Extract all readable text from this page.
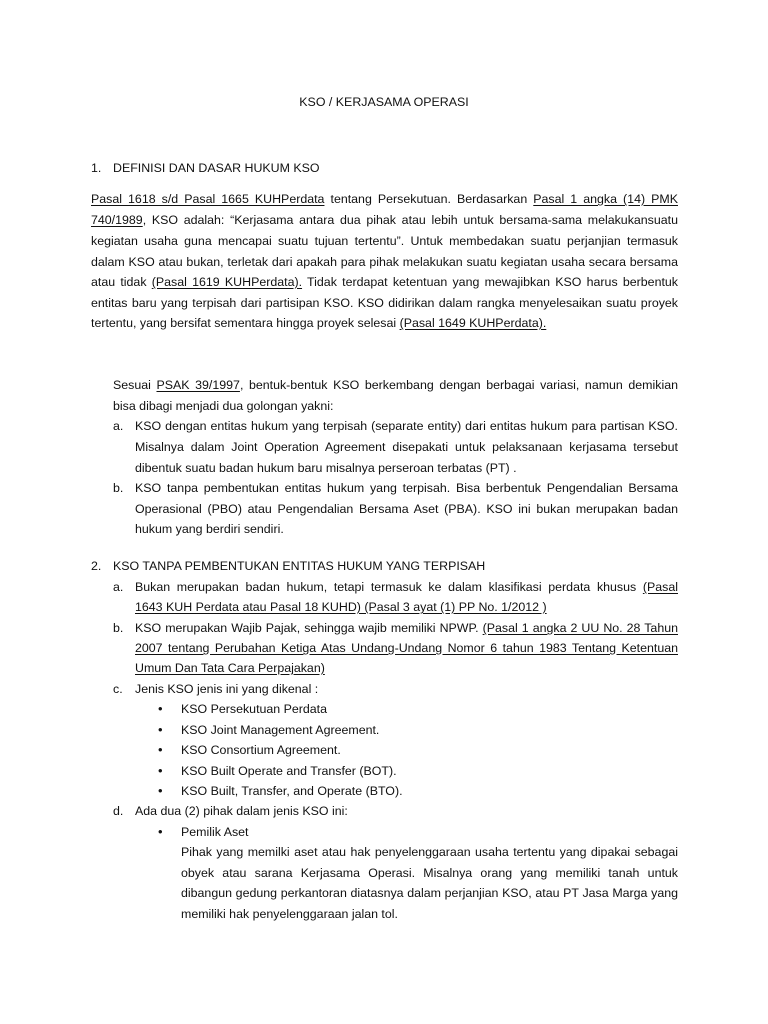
KSO / KERJASAMA OPERASI

1. DEFINISI DAN DASAR HUKUM KSO

Pasal 1618 s/d Pasal 1665 KUHPerdata tentang Persekutuan. Berdasarkan Pasal 1 angka (14) PMK

740/1989, KSO adalah: “Kerjasama antara dua pihak atau lebih untuk bersama-sama melakukansuatu

kegiatan usaha guna mencapai suatu tujuan tertentu”. Untuk membedakan suatu perjanjian termasuk

dalam KSO atau bukan, terletak dari apakah para pihak melakukan suatu kegiatan usaha secara bersama

atau tidak (Pasal 1619 KUHPerdata). Tidak terdapat ketentuan yang mewajibkan KSO harus berbentuk

entitas baru yang terpisah dari partisipan KSO. KSO didirikan dalam rangka menyelesaikan suatu proyek

tertentu, yang bersifat sementara hingga proyek selesai (Pasal 1649 KUHPerdata).

Sesuai PSAK 39/1997, bentuk-bentuk KSO berkembang dengan berbagai variasi, namun demikian

bisa dibagi menjadi dua golongan yakni:

a. KSO dengan entitas hukum yang terpisah (separate entity) dari entitas hukum para partisan KSO.

Misalnya dalam Joint Operation Agreement disepakati untuk pelaksanaan kerjasama tersebut

dibentuk suatu badan hukum baru misalnya perseroan terbatas (PT) .

b. KSO tanpa pembentukan entitas hukum yang terpisah. Bisa berbentuk Pengendalian Bersama

Operasional (PBO) atau Pengendalian Bersama Aset (PBA). KSO ini bukan merupakan badan

hukum yang berdiri sendiri.

2. KSO TANPA PEMBENTUKAN ENTITAS HUKUM YANG TERPISAH

a. Bukan merupakan badan hukum, tetapi termasuk ke dalam klasifikasi perdata khusus (Pasal

1643 KUH Perdata atau Pasal 18 KUHD) (Pasal 3 ayat (1) PP No. 1/2012 )

b. KSO merupakan Wajib Pajak, sehingga wajib memiliki NPWP. (Pasal 1 angka 2 UU No. 28 Tahun

2007 tentang Perubahan Ketiga Atas Undang-Undang Nomor 6 tahun 1983 Tentang Ketentuan

Umum Dan Tata Cara Perpajakan)

c. Jenis KSO jenis ini yang dikenal :

• KSO Persekutuan Perdata

• KSO Joint Management Agreement.

• KSO Consortium Agreement.

• KSO Built Operate and Transfer (BOT).

• KSO Built, Transfer, and Operate (BTO).

d. Ada dua (2) pihak dalam jenis KSO ini:

• Pemilik Aset

Pihak yang memilki aset atau hak penyelenggaraan usaha tertentu yang dipakai sebagai

obyek atau sarana Kerjasama Operasi. Misalnya orang yang memiliki tanah untuk

dibangun gedung perkantoran diatasnya dalam perjanjian KSO, atau PT Jasa Marga yang

memiliki hak penyelenggaraan jalan tol.
